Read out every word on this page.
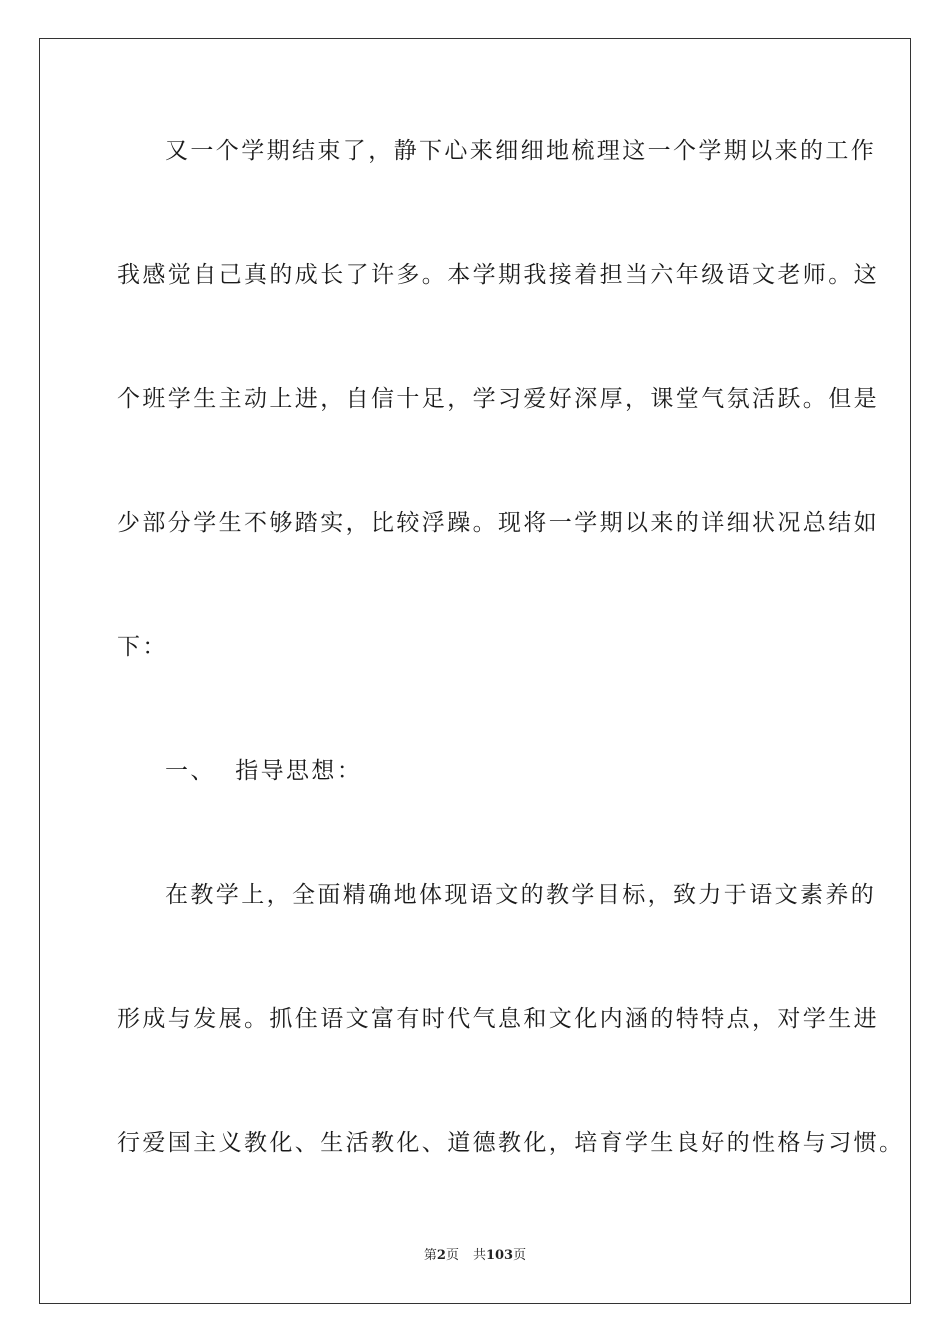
又一个学期结束了，静下心来细细地梳理这一个学期以来的工作

我感觉自己真的成长了许多。本学期我接着担当六年级语文老师。这

个班学生主动上进，自信十足，学习爱好深厚，课堂气氛活跃。但是

少部分学生不够踏实，比较浮躁。现将一学期以来的详细状况总结如

下：

一、  指导思想：

在教学上，全面精确地体现语文的教学目标，致力于语文素养的

形成与发展。抓住语文富有时代气息和文化内涵的特特点，对学生进

行爱国主义教化、生活教化、道德教化，培育学生良好的性格与习惯。

第2页 共103页
